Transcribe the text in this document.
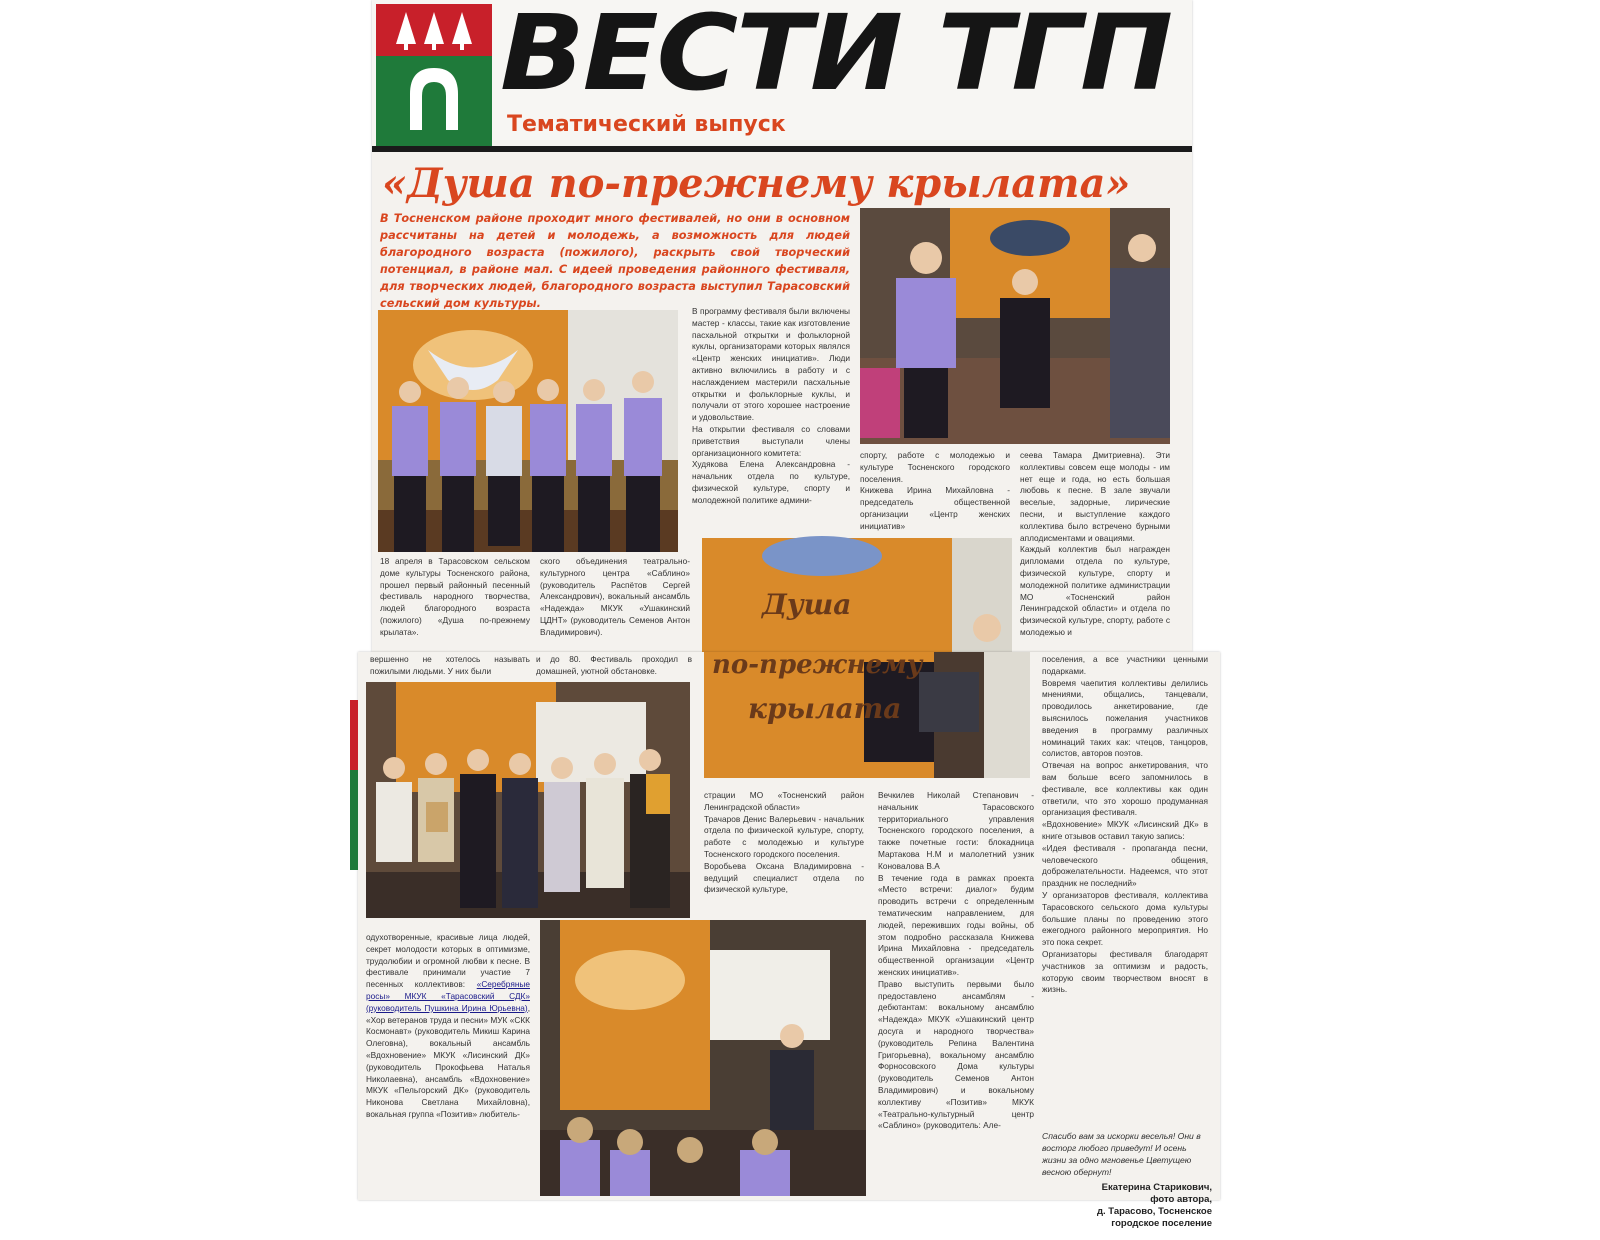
ВЕСТИ ТГП
Тематический выпуск
«Душа по-прежнему крылата»

В Тосненском районе проходит много фестивалей, но они в основном рассчитаны на детей и молодежь, а возможность для людей благородного возраста (пожилого), раскрыть свой творческий потенциал, в районе мал. С идеей проведения районного фестиваля, для творческих людей, благородного возраста выступил Тарасовский сельский дом культуры.

В программу фестиваля были включены мастер - классы, такие как изготовление пасхальной открытки и фольклорной куклы, организаторами которых являлся «Центр женских инициатив». Люди активно включились в работу и с наслаждением мастерили пасхальные открытки и фольклорные куклы, и получали от этого хорошее настроение и удовольствие.
На открытии фестиваля со словами приветствия выступали члены организационного комитета:
Худякова Елена Александровна - начальник отдела по культуре, физической культуре, спорту и молодежной политике админи-

спорту, работе с молодежью и культуре Тосненского городского поселения.
Книжева Ирина Михайловна - председатель общественной организации «Центр женских инициатив»

сеева Тамара Дмитриевна). Эти коллективы совсем еще молоды - им нет еще и года, но есть большая любовь к песне. В зале звучали веселые, задорные, лирические песни, и выступление каждого коллектива было встречено бурными аплодисментами и овациями.
Каждый коллектив был награжден дипломами отдела по культуре, физической культуре, спорту и молодежной политике администрации МО «Тосненский район Ленинградской области» и отдела по физической культуре, спорту, работе с молодежью и

Душа

18 апреля в Тарасовском сельском доме культуры Тосненского района, прошел первый районный песенный фестиваль народного творчества, людей благородного возраста (пожилого) «Душа по-прежнему крылата».

ского объединения театрально-культурного центра «Саблино» (руководитель Распётов Сергей Александрович), вокальный ансамбль «Надежда» МКУК «Ушакинский ЦДНТ» (руководитель Семенов Антон Владимирович).

вершенно не хотелось называть пожилыми людьми. У них были

и до 80. Фестиваль проходил в домашней, уютной обстановке.	по-прежнему
крылата

поселения, а все участники ценными подарками.
Вовремя чаепития коллективы делились мнениями, общались, танцевали, проводилось анкетирование, где выяснилось пожелания участников введения в программу различных номинаций таких как: чтецов, танцоров, солистов, авторов поэтов.
Отвечая на вопрос анкетирования, что вам больше всего запомнилось в фестивале, все коллективы как один ответили, что это хорошо продуманная организация фестиваля.
«Вдохновение» МКУК «Лисинский ДК» в книге отзывов оставил такую запись:
«Идея фестиваля - пропаганда песни, человеческого общения, доброжелательности. Надеемся, что этот праздник не последний»
У организаторов фестиваля, коллектива Тарасовского сельского дома культуры большие планы по проведению этого ежегодного районного мероприятия. Но это пока секрет.
Организаторы фестиваля благодарят участников за оптимизм и радость, которую своим творчеством вносят в жизнь.

страции МО «Тосненский район Ленинградской области»
Трачаров Денис Валерьевич - начальник отдела по физической культуре, спорту, работе с молодежью и культуре Тосненского городского поселения.
Воробьева Оксана Владимировна - ведущий специалист отдела по физической культуре,

Вечкилев Николай Степанович - начальник Тарасовского территориального управления Тосненского городского поселения, а также почетные гости: блокадница Мартакова Н.М и малолетний узник Коновалова В.А
В течение года в рамках проекта «Место встречи: диалог» будим проводить встречи с определенным тематическим направлением, для людей, переживших годы войны, об этом подробно рассказала Книжева Ирина Михайловна - председатель общественной организации «Центр женских инициатив».
Право выступить первыми было предоставлено ансамблям - дебютантам: вокальному ансамблю «Надежда» МКУК «Ушакинский центр досуга и народного творчества» (руководитель Репина Валентина Григорьевна), вокальному ансамблю Форносовского Дома культуры (руководитель Семенов Антон Владимирович) и вокальному коллективу «Позитив» МКУК «Театрально-культурный центр «Саблино» (руководитель: Але-

одухотворенные, красивые лица людей, секрет молодости которых в оптимизме, трудолюбии и огромной любви к песне. В фестивале принимали участие 7 песенных коллективов: «Серебряные росы» МКУК «Тарасовский СДК» (руководитель Пушкина Ирина Юрьевна), «Хор ветеранов труда и песни» МУК «СКК Космонавт» (руководитель Микиш Карина Олеговна), вокальный ансамбль «Вдохновение» МКУК «Лисинский ДК» (руководитель Прокофьева Наталья Николаевна), ансамбль «Вдохновение» МКУК «Пельгорский ДК» (руководитель Никонова Светлана Михайловна), вокальная группа «Позитив» любитель-

Спасибо вам за искорки веселья! Они в восторг любого приведут! И осень жизни за одно мгновенье Цветущею весною обернут!

Екатерина Старикович,
фото автора,
д. Тарасово, Тосненское
городское поселение
